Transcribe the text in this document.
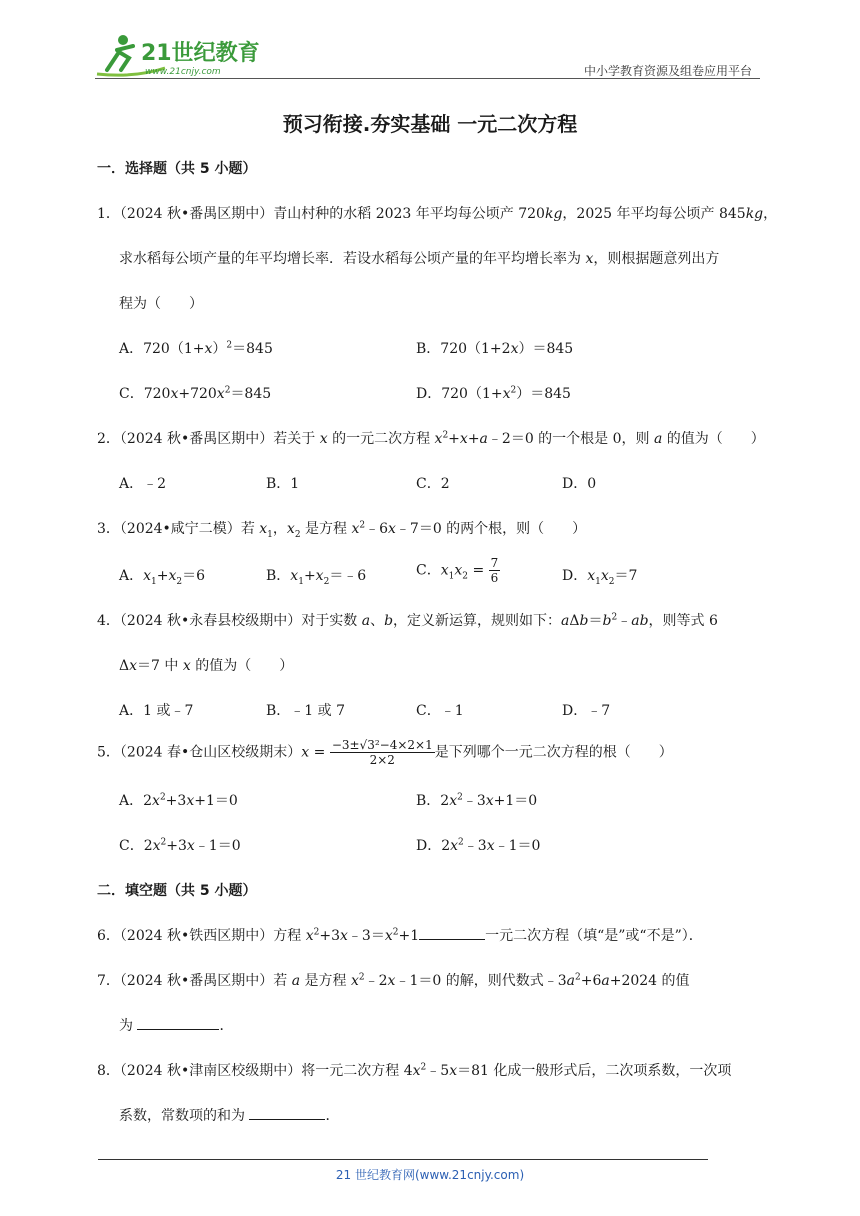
21世纪教育
www.21cnjy.com	中小学教育资源及组卷应用平台
预习衔接.夯实基础 一元二次方程
一．选择题（共 5 小题）
1．（2024 秋•番禺区期中）青山村种的水稻 2023 年平均每公顷产 720kg，2025 年平均每公顷产 845kg，
求水稻每公顷产量的年平均增长率．若设水稻每公顷产量的年平均增长率为 x，则根据题意列出方
程为（　　）
A．$720(1+x)^2=845$	B．720（1+2x）＝845
C．$720x+720x^2=845$	D．$720(1+x^2)=845$
2．（2024 秋•番禺区期中）若关于 x 的一元二次方程 $x^2+x+a﹣2=0$ 的一个根是 0，则 a 的值为（　　）
A．﹣2	B．1	C．2	D．0
3．（2024•咸宁二模）若 $x_1$，$x_2$ 是方程 $x^2﹣6x﹣7=0$ 的两个根，则（　　）
A．$x_1+x_2=6$	B．$x_1+x_2=﹣6$	C．$x_1x_2 = \frac{7}{6}$	D．$x_1x_2=7$
4．（2024 秋•永春县校级期中）对于实数 a、b，定义新运算，规则如下：$a\Delta b=b^2﹣ab$，则等式 6
Δx＝7 中 x 的值为（　　）
A．1 或﹣7	B．﹣1 或 7	C．﹣1	D．﹣7
5．（2024 春•仓山区校级期末）$x = \frac{\text{−3±√3²−4×2×1}}{2\times 2}$ 是下列哪个一元二次方程的根（　　）
A．$2x^2+3x+1=0$	B．$2x^2﹣3x+1=0$
C．$2x^2+3x﹣1=0$	D．$2x^2﹣3x﹣1=0$
二．填空题（共 5 小题）
6．（2024 秋•铁西区期中）方程 $x^2+3x﹣3=x^2+1$	一元二次方程（填“是”或“不是”）．
7．（2024 秋•番禺区期中）若 a 是方程 $x^2﹣2x﹣1=0$ 的解，则代数式$﹣3a^2+6a+2024$ 的值
为	．
8．（2024 秋•津南区校级期中）将一元二次方程 $4x^2﹣5x=81$ 化成一般形式后，二次项系数，一次项
系数，常数项的和为	．
21 世纪教育网(www.21cnjy.com)
